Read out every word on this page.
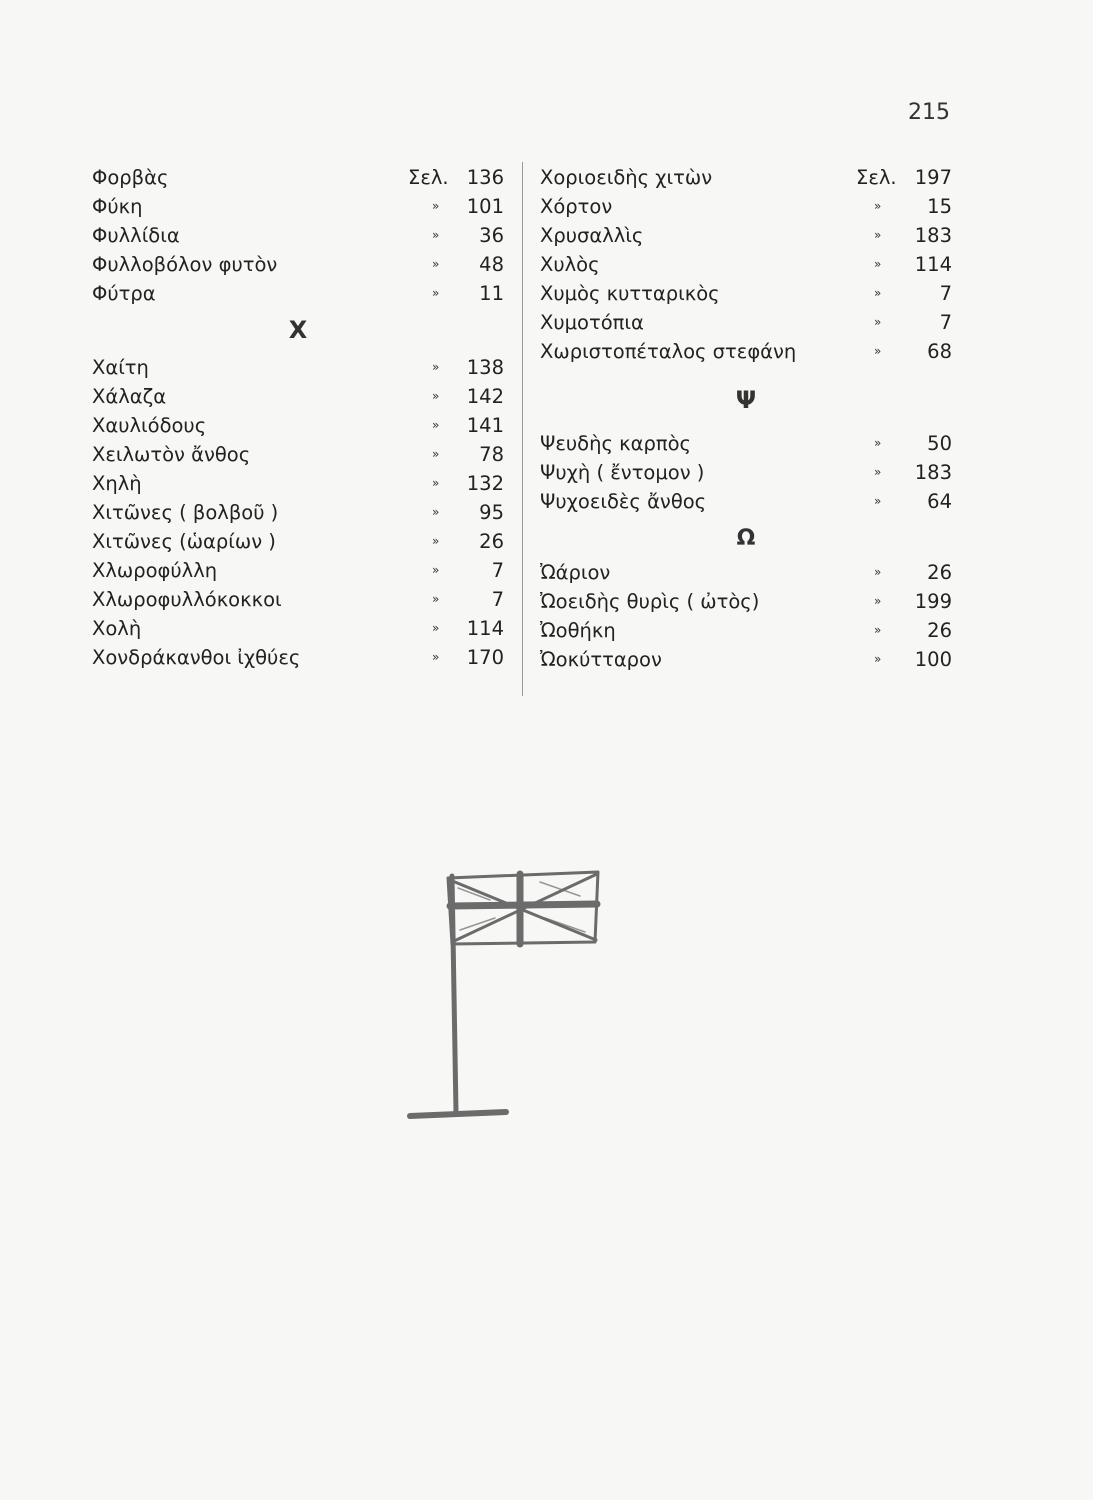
215
Φορβὰς	Σελ. 136
Φύκη	» 101
Φυλλίδια	» 36
Φυλλοβόλον φυτὸν	» 48
Φύτρα	» 11
Χ
Χαίτη	» 138
Χάλαζα	» 142
Χαυλιόδους	» 141
Χειλωτὸν ἄνθος	» 78
Χηλὴ	» 132
Χιτῶνες ( βολβοῦ )	» 95
Χιτῶνες (ὡαρίων )	» 26
Χλωροφύλλη	»	7
Χλωροφυλλόκοκκοι	»	7
Χολὴ	» 114
Χονδράκανθοι ἰχθύες	» 170
Χοριοειδὴς χιτὼν	Σελ. 197
Χόρτον	» 15
Χρυσαλλὶς	» 183
Χυλὸς	» 114
Χυμὸς κυτταρικὸς	»	7
Χυμοτόπια	»	7
Χωριστοπέταλος στεφάνη	» 68
Ψ
Ψευδὴς καρπὸς	» 50
Ψυχὴ ( ἔντομον )	» 183
Ψυχοειδὲς ἄνθος	» 64
Ω
Ὠάριον	» 26
Ὠοειδὴς θυρὶς ( ὠτὸς)	» 199
Ὠοθήκη	» 26
Ὠοκύτταρον	» 100
